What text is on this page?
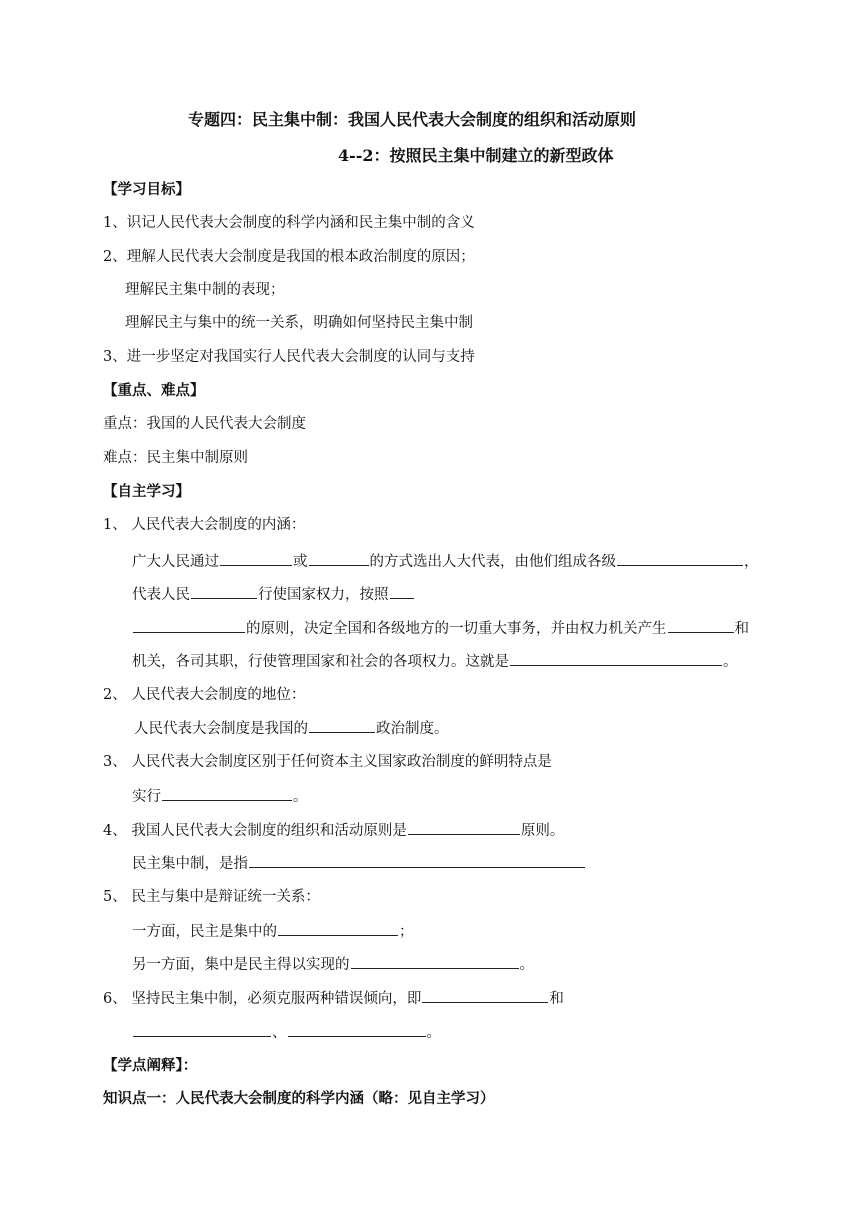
专题四：民主集中制：我国人民代表大会制度的组织和活动原则
4--2：按照民主集中制建立的新型政体
【学习目标】
1、识记人民代表大会制度的科学内涵和民主集中制的含义
2、理解人民代表大会制度是我国的根本政治制度的原因；
理解民主集中制的表现；
理解民主与集中的统一关系，明确如何坚持民主集中制
3、进一步坚定对我国实行人民代表大会制度的认同与支持
【重点、难点】
重点：我国的人民代表大会制度
难点：民主集中制原则
【自主学习】
1、 人民代表大会制度的内涵：
广大人民通过	或	的方式选出人大代表，由他们组成各级	，
代表人民	行使国家权力，按照
的原则，决定全国和各级地方的一切重大事务，并由权力机关产生	和
机关，各司其职，行使管理国家和社会的各项权力。这就是	。
2、 人民代表大会制度的地位：
人民代表大会制度是我国的	政治制度。
3、 人民代表大会制度区别于任何资本主义国家政治制度的鲜明特点是
实行	。
4、 我国人民代表大会制度的组织和活动原则是	原则。
民主集中制，是指
5、 民主与集中是辩证统一关系：
一方面，民主是集中的	；
另一方面，集中是民主得以实现的	。
6、 坚持民主集中制，必须克服两种错误倾向，即	和
、	。
【学点阐释】：
知识点一：人民代表大会制度的科学内涵（略：见自主学习）
